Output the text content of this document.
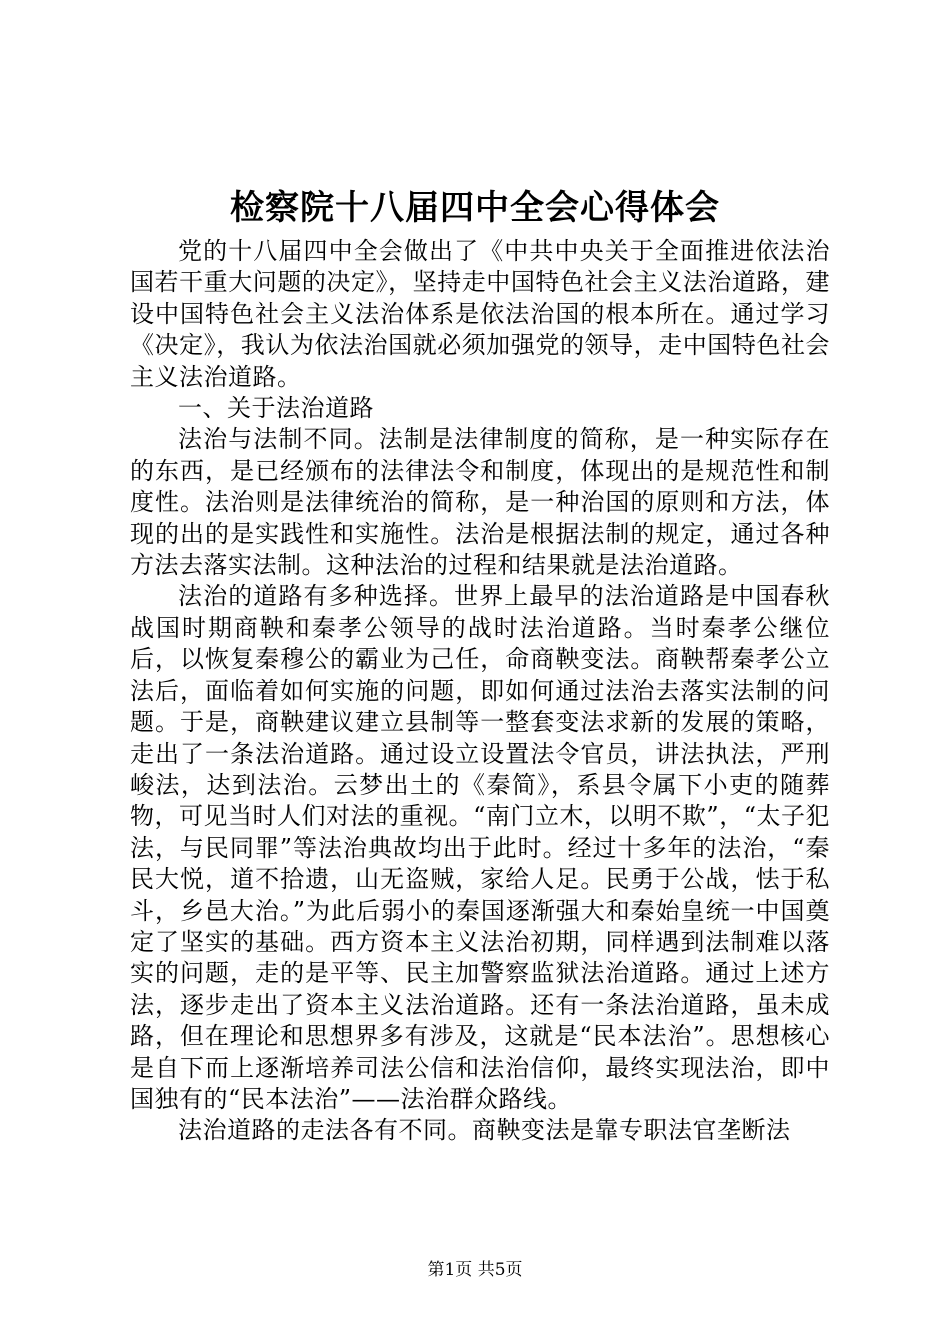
检察院十八届四中全会心得体会

党的十八届四中全会做出了《中共中央关于全面推进依法治国若干重大问题的决定》，坚持走中国特色社会主义法治道路，建设中国特色社会主义法治体系是依法治国的根本所在。通过学习《决定》，我认为依法治国就必须加强党的领导，走中国特色社会主义法治道路。

一、关于法治道路

法治与法制不同。法制是法律制度的简称，是一种实际存在的东西，是已经颁布的法律法令和制度，体现出的是规范性和制度性。法治则是法律统治的简称，是一种治国的原则和方法，体现的出的是实践性和实施性。法治是根据法制的规定，通过各种方法去落实法制。这种法治的过程和结果就是法治道路。

法治的道路有多种选择。世界上最早的法治道路是中国春秋战国时期商鞅和秦孝公领导的战时法治道路。当时秦孝公继位后，以恢复秦穆公的霸业为己任，命商鞅变法。商鞅帮秦孝公立法后，面临着如何实施的问题，即如何通过法治去落实法制的问题。于是，商鞅建议建立县制等一整套变法求新的发展的策略，走出了一条法治道路。通过设立设置法令官员，讲法执法，严刑峻法，达到法治。云梦出土的《秦简》，系县令属下小吏的随葬物，可见当时人们对法的重视。“南门立木，以明不欺”，“太子犯法，与民同罪”等法治典故均出于此时。经过十多年的法治，“秦民大悦，道不拾遗，山无盗贼，家给人足。民勇于公战，怯于私斗，乡邑大治。”为此后弱小的秦国逐渐强大和秦始皇统一中国奠定了坚实的基础。西方资本主义法治初期，同样遇到法制难以落实的问题，走的是平等、民主加警察监狱法治道路。通过上述方法，逐步走出了资本主义法治道路。还有一条法治道路，虽未成路，但在理论和思想界多有涉及，这就是“民本法治”。思想核心是自下而上逐渐培养司法公信和法治信仰，最终实现法治，即中国独有的“民本法治”——法治群众路线。

法治道路的走法各有不同。商鞅变法是靠专职法官垄断法

第1页 共5页
